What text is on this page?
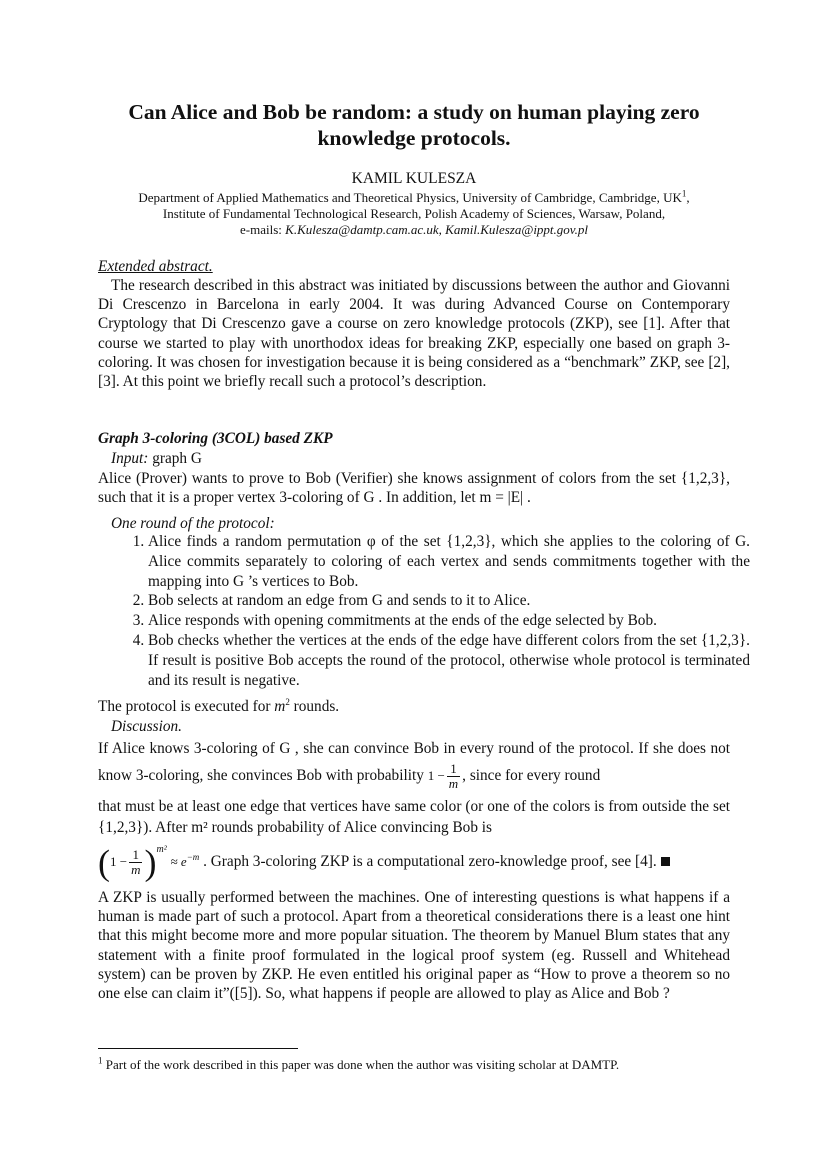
Can Alice and Bob be random: a study on human playing zero knowledge protocols.
KAMIL KULESZA
Department of Applied Mathematics and Theoretical Physics, University of Cambridge, Cambridge, $UK^1$,
Institute of Fundamental Technological Research, Polish Academy of Sciences, Warsaw, Poland,
e-mails: K.Kulesza@damtp.cam.ac.uk, Kamil.Kulesza@ippt.gov.pl
Extended abstract.
The research described in this abstract was initiated by discussions between the author and Giovanni Di Crescenzo in Barcelona in early 2004. It was during Advanced Course on Contemporary Cryptology that Di Crescenzo gave a course on zero knowledge protocols (ZKP), see [1]. After that course we started to play with unorthodox ideas for breaking ZKP, especially one based on graph 3-coloring. It was chosen for investigation because it is being considered as a “benchmark” ZKP, see [2], [3]. At this point we briefly recall such a protocol’s description.
Graph 3-coloring (3COL) based ZKP
Input: graph G
Alice (Prover) wants to prove to Bob (Verifier) she knows assignment of colors from the set {1,2,3}, such that it is a proper vertex 3-coloring of G . In addition, let m = |E| .
One round of the protocol:
1. Alice finds a random permutation φ of the set {1,2,3}, which she applies to the coloring of G. Alice commits separately to coloring of each vertex and sends commitments together with the mapping into G ’s vertices to Bob.
2. Bob selects at random an edge from G and sends to it to Alice.
3. Alice responds with opening commitments at the ends of the edge selected by Bob.
4. Bob checks whether the vertices at the ends of the edge have different colors from the set {1,2,3}. If result is positive Bob accepts the round of the protocol, otherwise whole protocol is terminated and its result is negative.
The protocol is executed for $m^2$ rounds.
Discussion.
If Alice knows 3-coloring of G , she can convince Bob in every round of the protocol. If she does not know 3-coloring, she convinces Bob with probability $1 - \frac{1}{m}$ , since for every round
that must be at least one edge that vertices have same color (or one of the colors is from outside the set {1,2,3}). After m² rounds probability of Alice convincing Bob is
$(1 - \frac{1}{m} )^{m^2} \approx e^{-m}$ . Graph 3-coloring ZKP is a computational zero-knowledge proof, see [4].
A ZKP is usually performed between the machines. One of interesting questions is what happens if a human is made part of such a protocol. Apart from a theoretical considerations there is a least one hint that this might become more and more popular situation. The theorem by Manuel Blum states that any statement with a finite proof formulated in the logical proof system (eg. Russell and Whitehead system) can be proven by ZKP. He even entitled his original paper as “How to prove a theorem so no one else can claim it”([5]). So, what happens if people are allowed to play as Alice and Bob ?
$^1$ Part of the work described in this paper was done when the author was visiting scholar at DAMTP.
